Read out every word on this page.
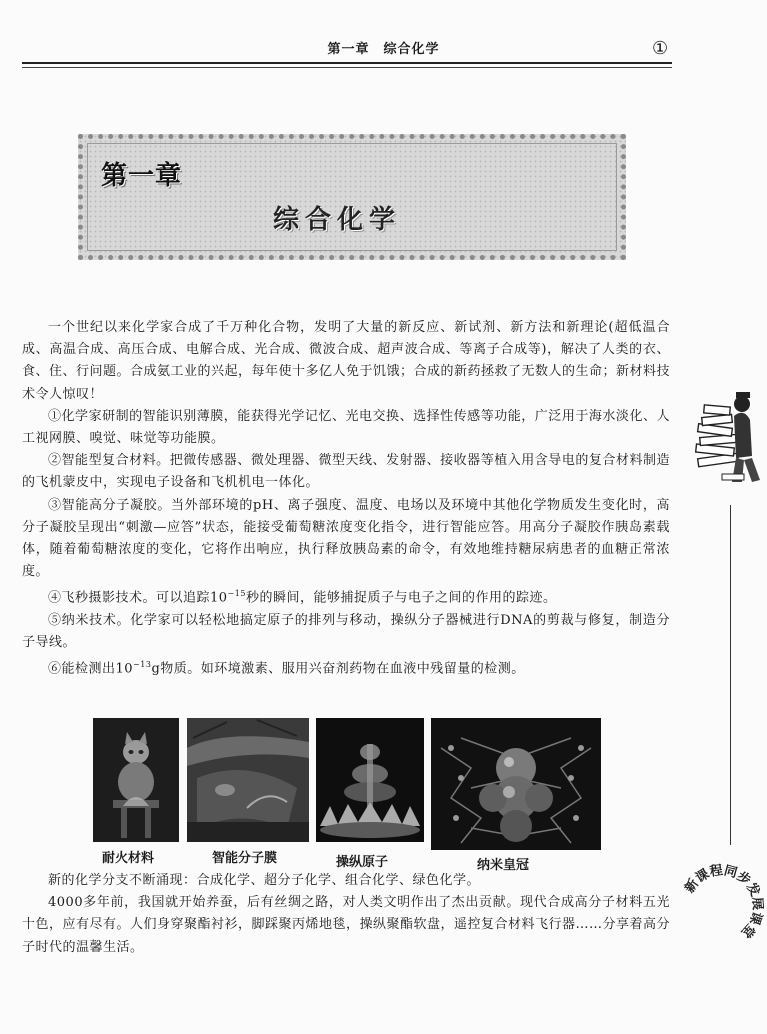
第一章　综合化学	①
第一章
综合化学

一个世纪以来化学家合成了千万种化合物，发明了大量的新反应、新试剂、新方法和新理论(超低温合成、高温合成、高压合成、电解合成、光合成、微波合成、超声波合成、等离子合成等)，解决了人类的衣、食、住、行问题。合成氨工业的兴起，每年使十多亿人免于饥饿；合成的新药拯救了无数人的生命；新材料技术令人惊叹！

①化学家研制的智能识别薄膜，能获得光学记忆、光电交换、选择性传感等功能，广泛用于海水淡化、人工视网膜、嗅觉、味觉等功能膜。

②智能型复合材料。把微传感器、微处理器、微型天线、发射器、接收器等植入用含导电的复合材料制造的飞机蒙皮中，实现电子设备和飞机机电一体化。

③智能高分子凝胶。当外部环境的pH、离子强度、温度、电场以及环境中其他化学物质发生变化时，高分子凝胶呈现出“刺激—应答”状态，能接受葡萄糖浓度变化指令，进行智能应答。用高分子凝胶作胰岛素载体，随着葡萄糖浓度的变化，它将作出响应，执行释放胰岛素的命令，有效地维持糖尿病患者的血糖正常浓度。

④飞秒摄影技术。可以追踪$10^{-15}$秒的瞬间，能够捕捉质子与电子之间的作用的踪迹。

⑤纳米技术。化学家可以轻松地搞定原子的排列与移动，操纵分子器械进行DNA的剪裁与修复，制造分子导线。

⑥能检测出$10^{-13}g$物质。如环境激素、服用兴奋剂药物在血液中残留量的检测。

耐火材料	智能分子膜	操纵原子	纳米皇冠

新的化学分支不断涌现：合成化学、超分子化学、组合化学、绿色化学。

4000多年前，我国就开始养蚕，后有丝绸之路，对人类文明作出了杰出贡献。现代合成高分子材料五光十色，应有尽有。人们身穿聚酯衬衫，脚踩聚丙烯地毯，操纵聚酯软盘，遥控复合材料飞行器……分享着高分子时代的温馨生活。

新课程同步发展课堂
